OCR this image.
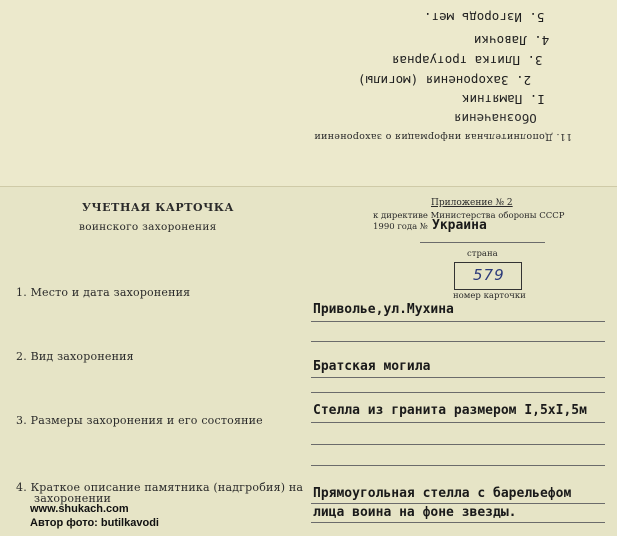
5. Изгородь мет.
4. Лавочки
3. Плитка тротуарная
2. Захоронения (могилы)
I. Памятник
Обозначения
11. Дополнительная информация о захоронении
УЧЕТНАЯ КАРТОЧКА
воинского захоронения
Приложение № 2
к директиве Министерства обороны СССР
1990 года № Украина
страна
579
номер карточки
1. Место и дата захоронения
Приволье,ул.Мухина
2. Вид захоронения
Братская могила
3. Размеры захоронения и его состояние
Стелла из гранита размером I,5хI,5м
4. Краткое описание памятника (надгробия) на
захоронении	Прямоугольная стелла с барельефом
лица воина на фоне звезды.
www.shukach.com
Автор фото: butilkavodi
